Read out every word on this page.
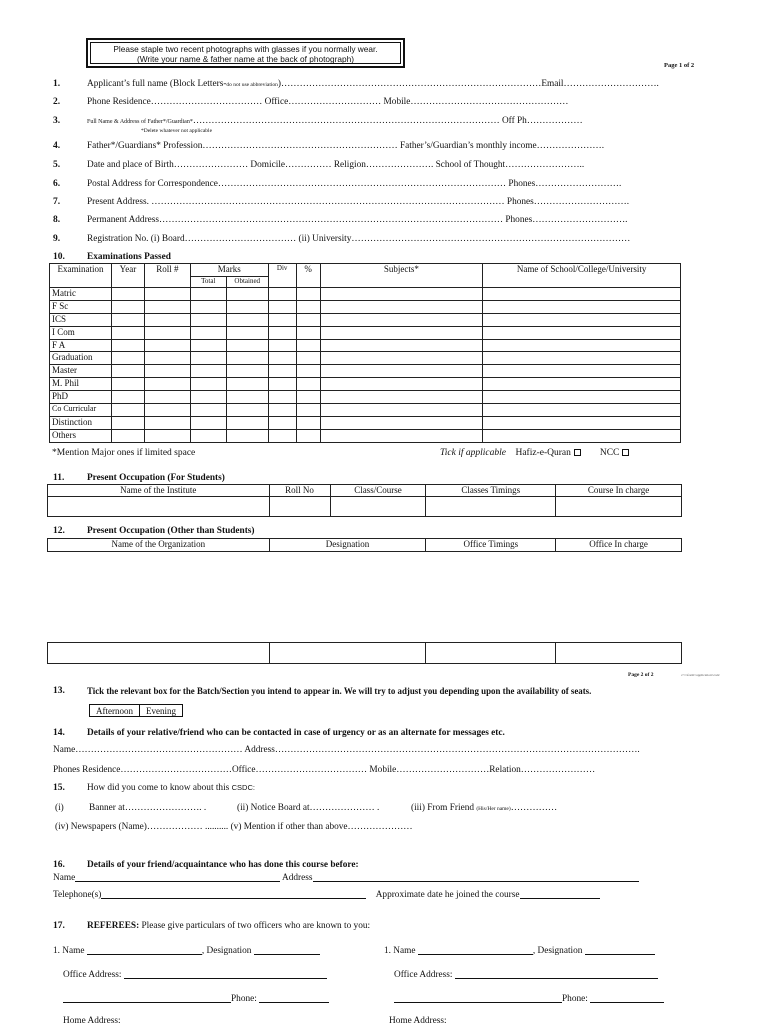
Please staple two recent photographs with glasses if you normally wear.
(Write your name & father name at the back of photograph)
Page 1 of 2
1.	Applicant’s full name (Block Letters-do not use abbreviation)…………………………………………………………………………Email………………………….
2.	Phone Residence……………………………… Office………………………… Mobile……………………………………………
3.	Full Name & Address of Father*/Guardian*……………………………………………………………………………………… Off Ph………………
*Delete whatever not applicable
4.	Father*/Guardians* Profession……………………………………………………… Father’s/Guardian’s monthly income………………….
5.	Date and place of Birth…………………… Domicile…………… Religion…………………. School of Thought……………………..
6.	Postal Address for Correspondence………………………………………………………………………………… Phones……………………….
7.	Present Address. …………………………………………………………………………………………………… Phones………………………….
8.	Permanent Address………………………………………………………………………………………………… Phones………………………….
9.	Registration No. (i) Board……………………………… (ii) University………………………………………………………………………………
10. Examinations Passed
Examination	Year	Roll #	Marks		Div	%	Subjects*	Name of School/College/University
			Total	Obtained				
Matric								
F Sc								
ICS								
I Com								
F A								
Graduation								
Master								
M. Phil								
PhD								
Co Curricular								
Distinction								
Others								
*Mention Major ones if limited space	Tick if applicable Hafiz-e-Quran	NCC
11. Present Occupation (For Students)
Name of the Institute	Roll No	Class/Course	Classes Timings	Course In charge

12. Present Occupation (Other than Students)
Name of the Organization	Designation	Office Timings	Office In charge

Page 2 of 2	c:\\\\form\\application\\csdc
13. Tick the relevant box for the Batch/Section you intend to appear in. We will try to adjust you depending upon the availability of seats.
Afternoon Evening
14. Details of your relative/friend who can be contacted in case of urgency or as an alternate for messages etc.
Name……………………………………………… Address……………………………………………………………………………………………………….
Phones Residence………………………………Office……………………………… Mobile…………………………Relation……………………
15. How did you come to know about this CSDC:
(i)	Banner at……………………. .	(ii) Notice Board at………………… .	(iii) From Friend (His/Her name)……………
(iv) Newspapers (Name)……………… .......... (v) Mention if other than above…………………
16. Details of your friend/acquaintance who has done this course before:
Name	Address
Telephone(s)	Approximate date he joined the course
17. REFEREES: Please give particulars of two officers who are known to you:
1. Name	, Designation
Office Address:
Phone:
Home Address:
1. Name	, Designation
Office Address:
Phone:
Home Address:
